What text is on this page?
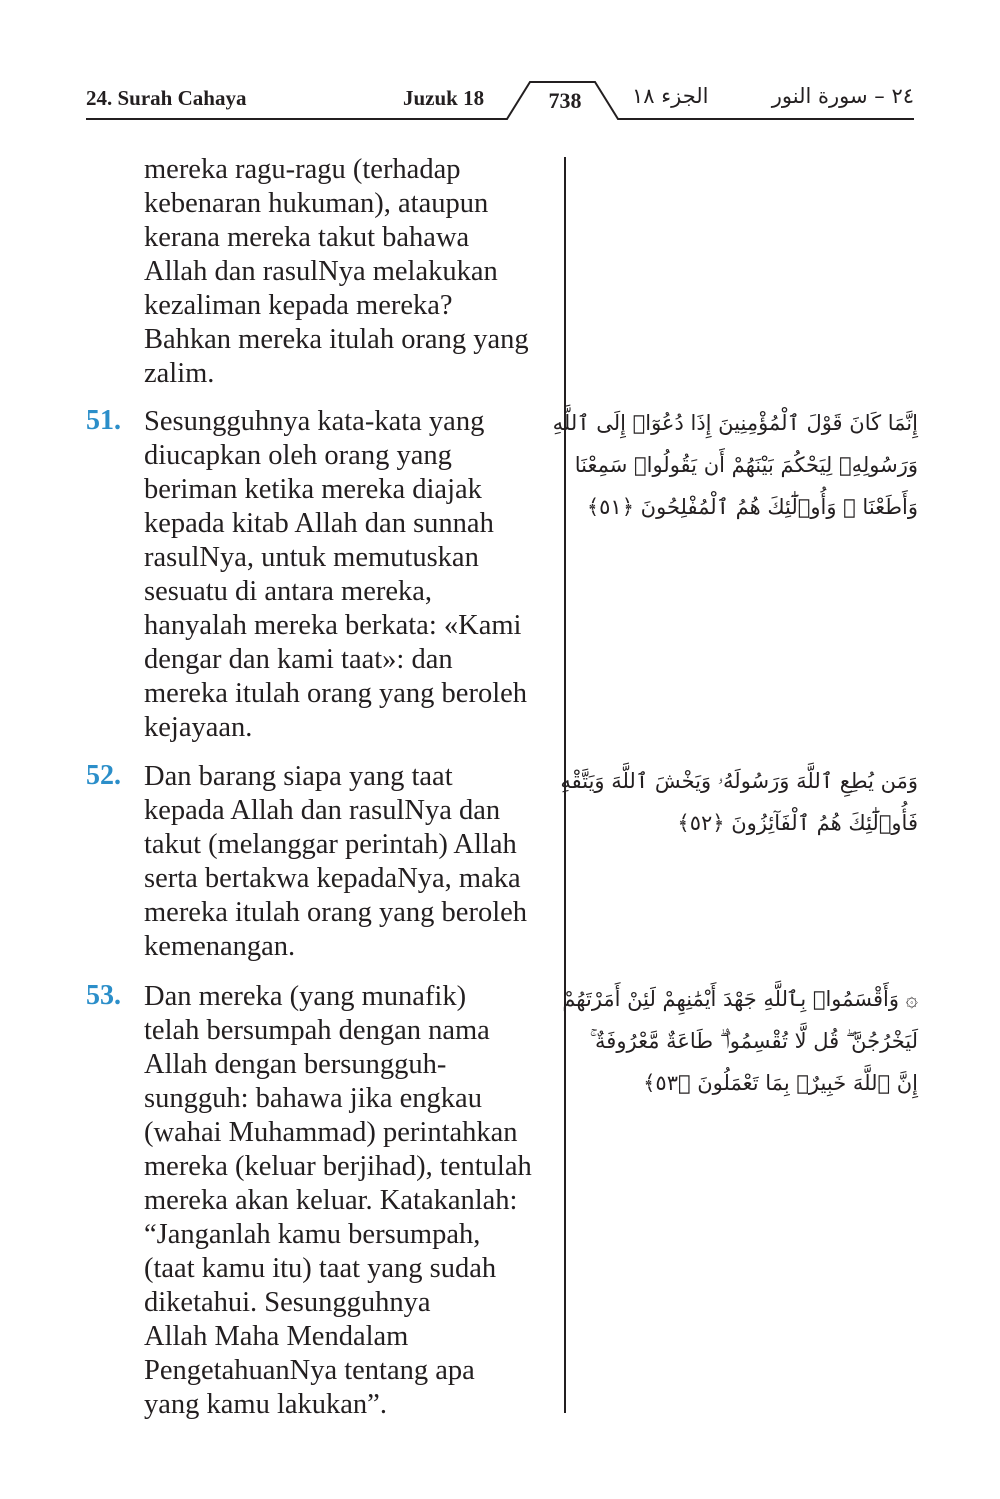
24. Surah Cahaya	Juzuk 18	738	الجزء ١٨	٢٤ – سورة النور

mereka ragu-ragu (terhadap

kebenaran hukuman), ataupun

kerana mereka takut bahawa

Allah dan rasulNya melakukan

kezaliman kepada mereka?

Bahkan mereka itulah orang yang

zalim.

51. Sesungguhnya kata-kata yang

diucapkan oleh orang yang

beriman ketika mereka diajak

kepada kitab Allah dan sunnah

rasulNya, untuk memutuskan

sesuatu di antara mereka,

hanyalah mereka berkata: «Kami

dengar dan kami taat»: dan

mereka itulah orang yang beroleh

kejayaan.

إِنَّمَا كَانَ قَوْلَ ٱلْمُؤْمِنِينَ إِذَا دُعُوٓا۟ إِلَى ٱللَّهِ
وَرَسُولِهِۦ لِيَحْكُمَ بَيْنَهُمْ أَن يَقُولُوا۟ سَمِعْنَا
وَأَطَعْنَا ۚ وَأُو۟لَٰٓئِكَ هُمُ ٱلْمُفْلِحُونَ ﴿٥١﴾
52. Dan barang siapa yang taat

kepada Allah dan rasulNya dan

takut (melanggar perintah) Allah

serta bertakwa kepadaNya, maka

mereka itulah orang yang beroleh

kemenangan.

وَمَن يُطِعِ ٱللَّهَ وَرَسُولَهُۥ وَيَخْشَ ٱللَّهَ وَيَتَّقْهِ
فَأُو۟لَٰٓئِكَ هُمُ ٱلْفَآئِزُونَ ﴿٥٢﴾
53. Dan mereka (yang munafik)

telah bersumpah dengan nama

Allah dengan bersungguh-

sungguh: bahawa jika engkau

(wahai Muhammad) perintahkan

mereka (keluar berjihad), tentulah

mereka akan keluar. Katakanlah:

“Janganlah kamu bersumpah,

(taat kamu itu) taat yang sudah

diketahui. Sesungguhnya

Allah Maha Mendalam

PengetahuanNya tentang apa

yang kamu lakukan”.

۞ وَأَقْسَمُوا۟ بِٱللَّهِ جَهْدَ أَيْمَٰنِهِمْ لَئِنْ أَمَرْتَهُمْ
لَيَخْرُجُنَّ ۖ قُل لَّا تُقْسِمُوا۟ ۖ طَاعَةٌ مَّعْرُوفَةٌ ۚ
إِنَّ ٱللَّهَ خَبِيرٌۢ بِمَا تَعْمَلُونَ ﴿٥٣﴾
